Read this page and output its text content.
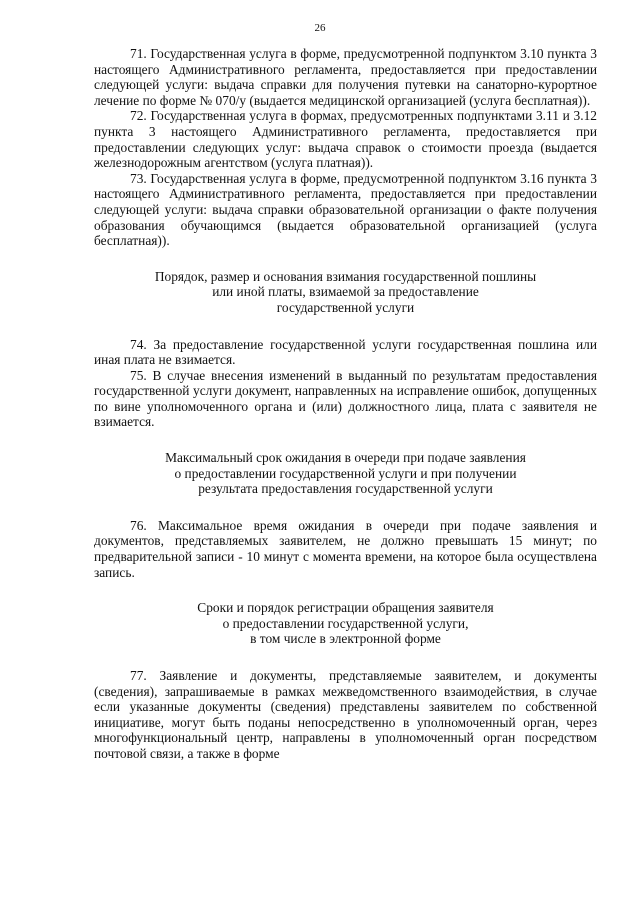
26

71. Государственная услуга в форме, предусмотренной подпунктом 3.10 пункта 3 настоящего Административного регламента, предоставляется при предоставлении следующей услуги: выдача справки для получения путевки на санаторно-курортное лечение по форме № 070/у (выдается медицинской организацией (услуга бесплатная)).

72. Государственная услуга в формах, предусмотренных подпунктами 3.11 и 3.12 пункта 3 настоящего Административного регламента, предоставляется при предоставлении следующих услуг: выдача справок о стоимости проезда (выдается железнодорожным агентством (услуга платная)).

73. Государственная услуга в форме, предусмотренной подпунктом 3.16 пункта 3 настоящего Административного регламента, предоставляется при предоставлении следующей услуги: выдача справки образовательной организации о факте получения образования обучающимся (выдается образовательной организацией (услуга бесплатная)).

Порядок, размер и основания взимания государственной пошлины
или иной платы, взимаемой за предоставление
государственной услуги

74. За предоставление государственной услуги государственная пошлина или иная плата не взимается.

75. В случае внесения изменений в выданный по результатам предоставления государственной услуги документ, направленных на исправление ошибок, допущенных по вине уполномоченного органа и (или) должностного лица, плата с заявителя не взимается.

Максимальный срок ожидания в очереди при подаче заявления
о предоставлении государственной услуги и при получении
результата предоставления государственной услуги

76. Максимальное время ожидания в очереди при подаче заявления и документов, представляемых заявителем, не должно превышать 15 минут; по предварительной записи - 10 минут с момента времени, на которое была осуществлена запись.

Сроки и порядок регистрации обращения заявителя
о предоставлении государственной услуги,
в том числе в электронной форме

77. Заявление и документы, представляемые заявителем, и документы (сведения), запрашиваемые в рамках межведомственного взаимодействия, в случае если указанные документы (сведения) представлены заявителем по собственной инициативе, могут быть поданы непосредственно в уполномоченный орган, через многофункциональный центр, направлены в уполномоченный орган посредством почтовой связи, а также в форме
